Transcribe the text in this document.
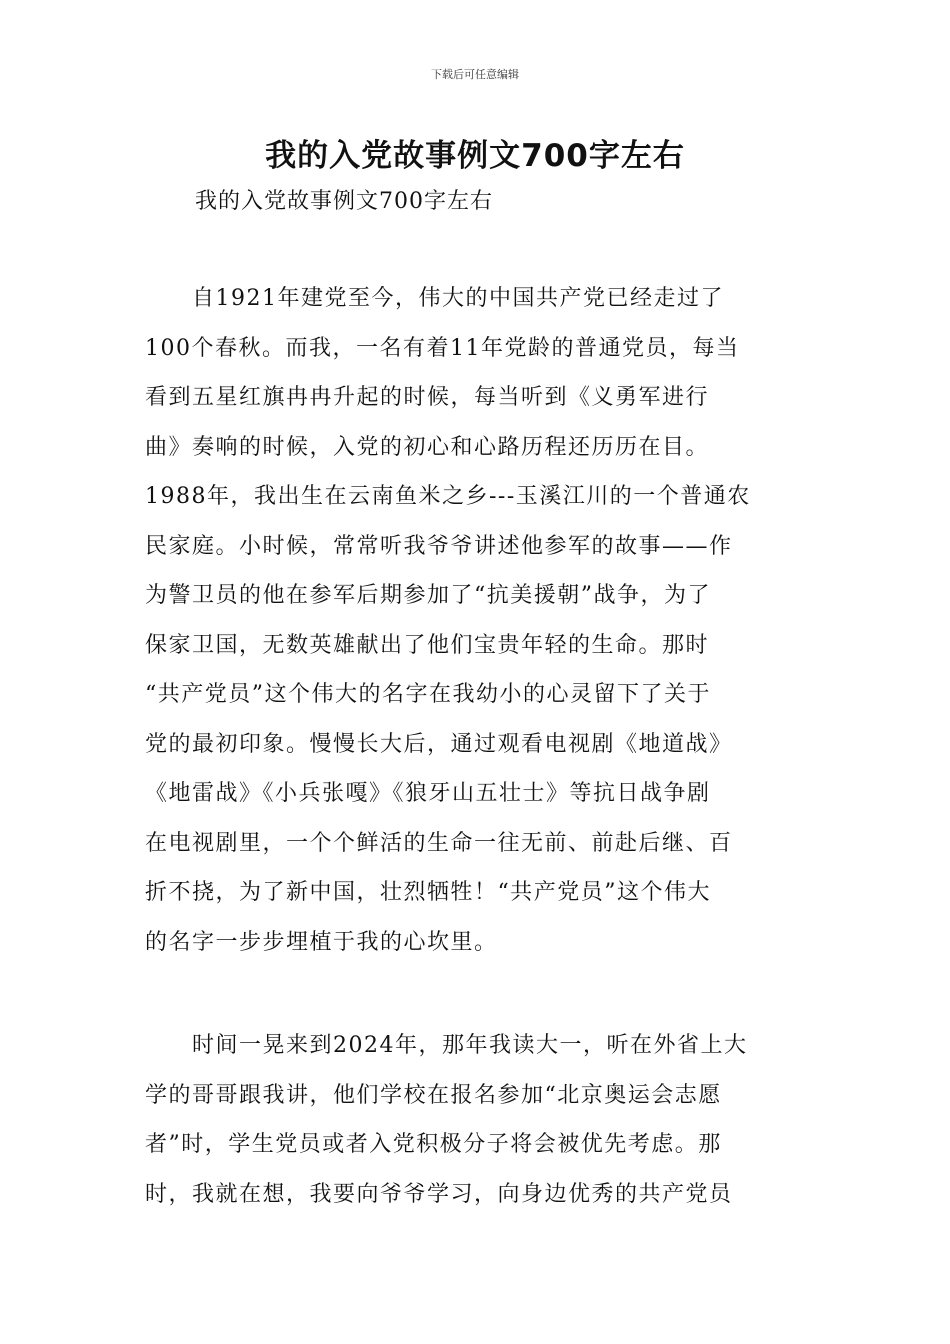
下载后可任意编辑
我的入党故事例文700字左右
我的入党故事例文700字左右
　　自1921年建党至今，伟大的中国共产党已经走过了
100个春秋。而我，一名有着11年党龄的普通党员，每当
看到五星红旗冉冉升起的时候，每当听到《义勇军进行
曲》奏响的时候，入党的初心和心路历程还历历在目。
1988年，我出生在云南鱼米之乡---玉溪江川的一个普通农
民家庭。小时候，常常听我爷爷讲述他参军的故事——作
为警卫员的他在参军后期参加了“抗美援朝”战争，为了
保家卫国，无数英雄献出了他们宝贵年轻的生命。那时
“共产党员”这个伟大的名字在我幼小的心灵留下了关于
党的最初印象。慢慢长大后，通过观看电视剧《地道战》
《地雷战》《小兵张嘎》《狼牙山五壮士》等抗日战争剧
在电视剧里，一个个鲜活的生命一往无前、前赴后继、百
折不挠，为了新中国，壮烈牺牲！“共产党员”这个伟大
的名字一步步埋植于我的心坎里。
　　时间一晃来到2024年，那年我读大一，听在外省上大
学的哥哥跟我讲，他们学校在报名参加“北京奥运会志愿
者”时，学生党员或者入党积极分子将会被优先考虑。那
时，我就在想，我要向爷爷学习，向身边优秀的共产党员
